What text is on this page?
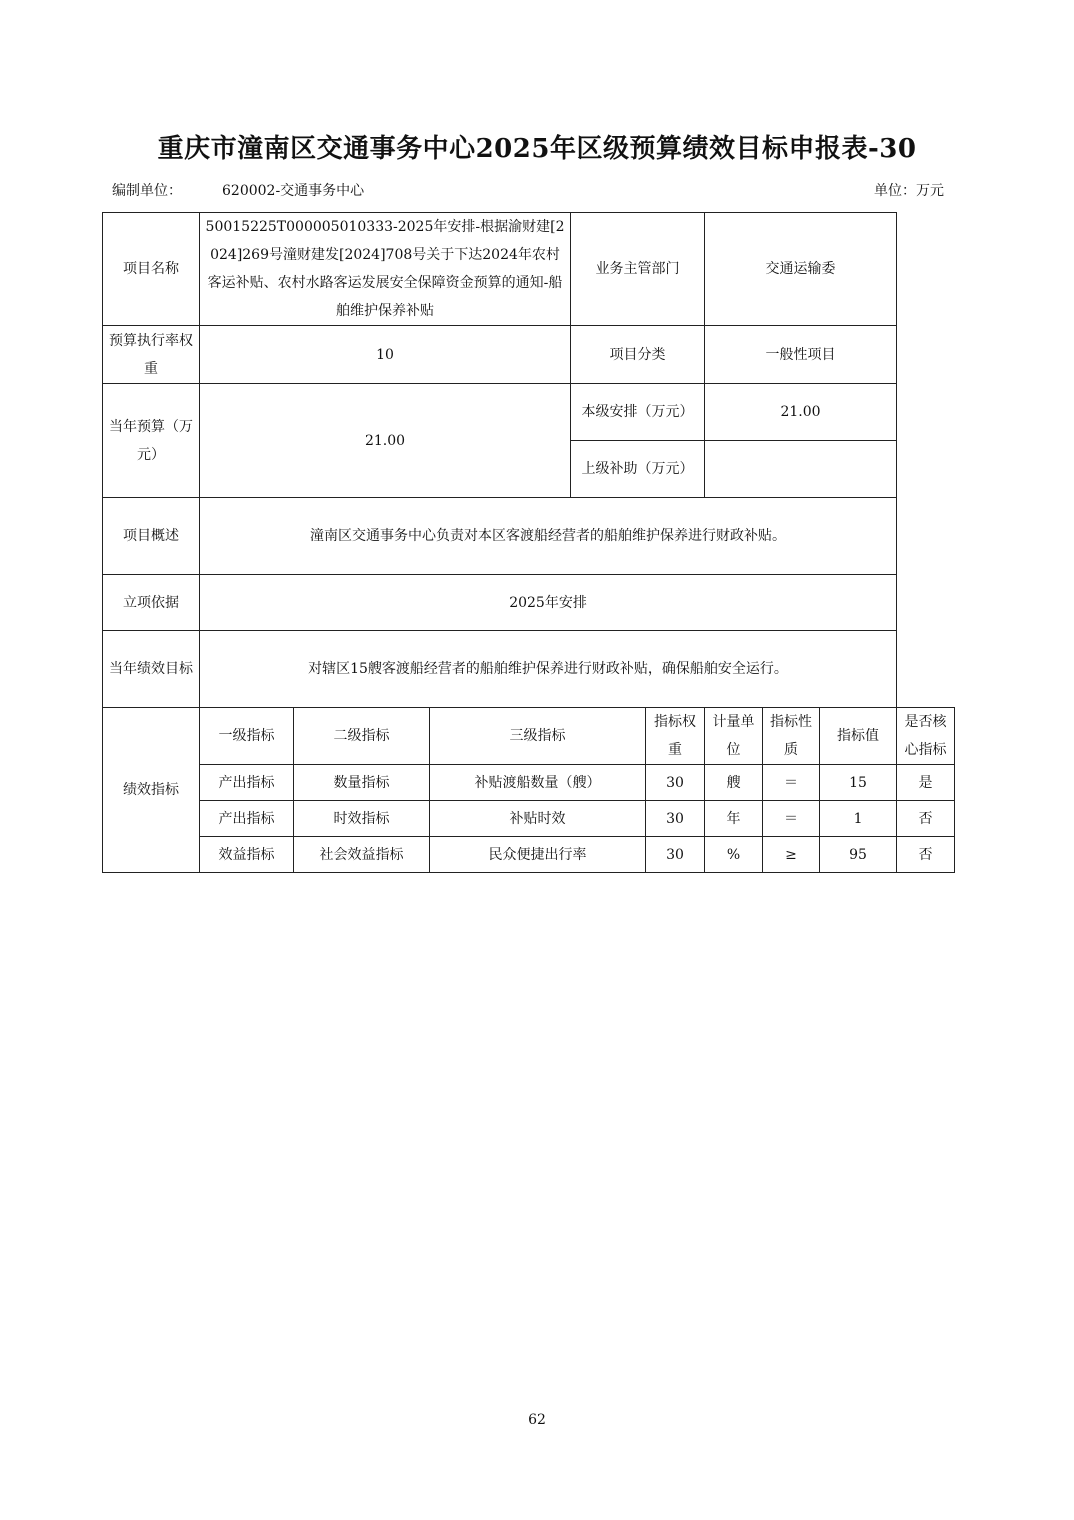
重庆市潼南区交通事务中心2025年区级预算绩效目标申报表-30
编制单位：	620002-交通事务中心	单位：万元
项目名称	50015225T000005010333-2025年安排-根据渝财建[2024]269号潼财建发[2024]708号关于下达2024年农村客运补贴、农村水路客运发展安全保障资金预算的通知-船舶维护保养补贴			业务主管部门		交通运输委			
预算执行率权重	10			项目分类		一般性项目			
当年预算（万元）	21.00			本级安排（万元）		21.00			
				上级补助（万元）					
项目概述	潼南区交通事务中心负责对本区客渡船经营者的船舶维护保养进行财政补贴。								
立项依据	2025年安排								
当年绩效目标	对辖区15艘客渡船经营者的船舶维护保养进行财政补贴，确保船舶安全运行。								
绩效指标	一级指标	二级指标	三级指标		指标权重	计量单位	指标性质	指标值	是否核心指标
	产出指标	数量指标	补贴渡船数量（艘）		30	艘	＝	15	是
	产出指标	时效指标	补贴时效		30	年	＝	1	否
	效益指标	社会效益指标	民众便捷出行率		30	%	≥	95	否
62
